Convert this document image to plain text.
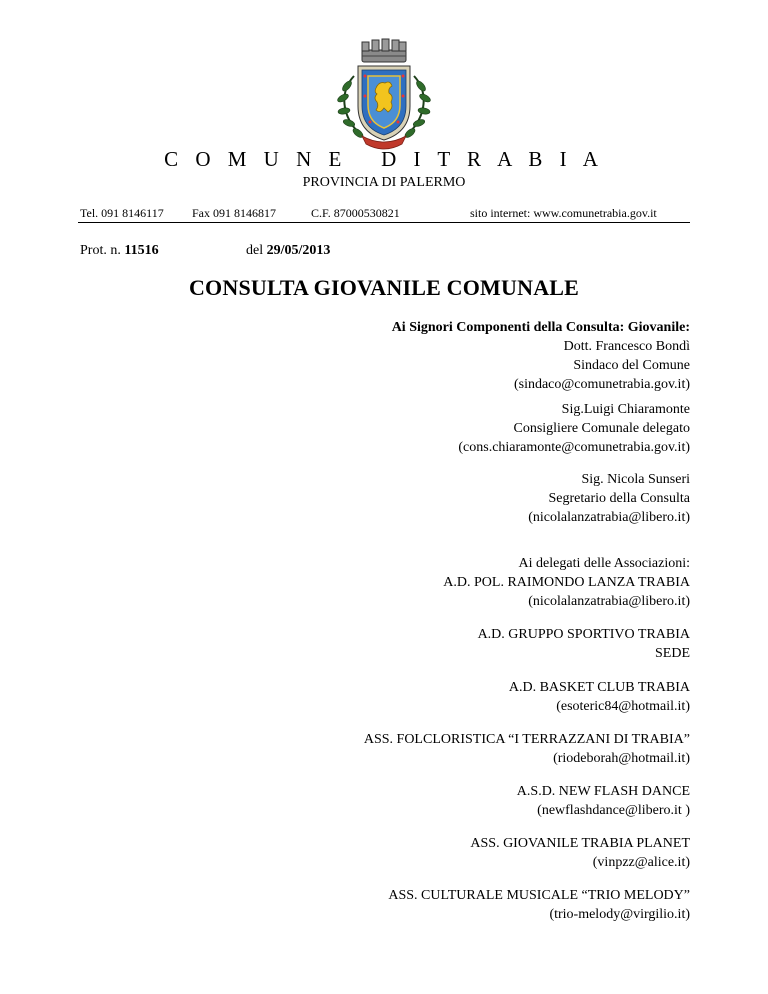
C O M U N E   D I T R A B I A
PROVINCIA DI PALERMO
Tel. 091 8146117 Fax 091 8146817	C.F. 87000530821	sito internet: www.comunetrabia.gov.it
Prot. n. 11516	del 29/05/2013
CONSULTA GIOVANILE COMUNALE
Ai Signori Componenti della Consulta: Giovanile:
Dott. Francesco Bondì
Sindaco del Comune
(sindaco@comunetrabia.gov.it)
Sig.Luigi Chiaramonte
Consigliere Comunale delegato
(cons.chiaramonte@comunetrabia.gov.it)
Sig. Nicola Sunseri
Segretario della Consulta
(nicolalanzatrabia@libero.it)
Ai delegati delle Associazioni:
A.D. POL. RAIMONDO LANZA TRABIA
(nicolalanzatrabia@libero.it)
A.D. GRUPPO SPORTIVO TRABIA
SEDE
A.D. BASKET CLUB TRABIA
(esoteric84@hotmail.it)
ASS. FOLCLORISTICA “I TERRAZZANI DI TRABIA”
(riodeborah@hotmail.it)
A.S.D. NEW FLASH DANCE
(newflashdance@libero.it )
ASS. GIOVANILE TRABIA PLANET
(vinpzz@alice.it)
ASS. CULTURALE MUSICALE “TRIO MELODY”
(trio-melody@virgilio.it)
